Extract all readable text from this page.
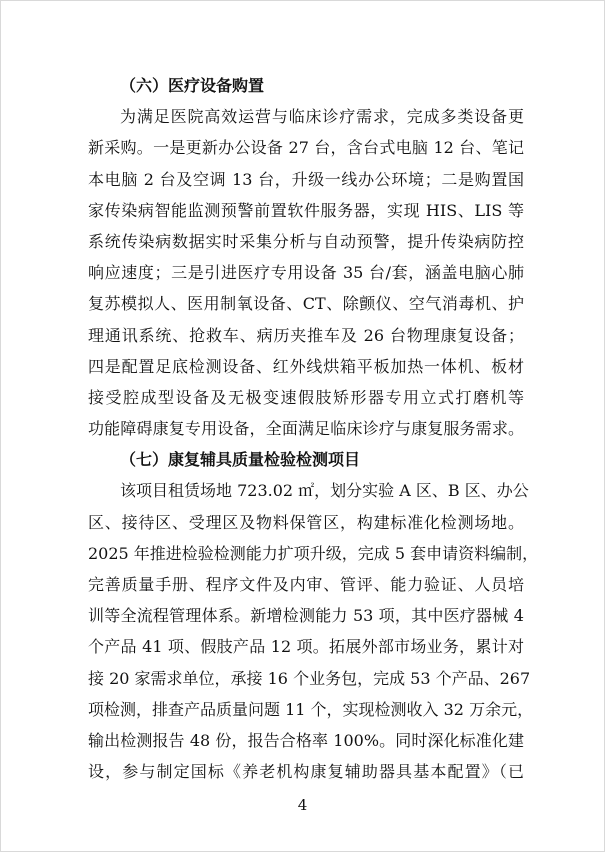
（六）医疗设备购置
为满足医院高效运营与临床诊疗需求，完成多类设备更
新采购。一是更新办公设备 27 台，含台式电脑 12 台、笔记
本电脑 2 台及空调 13 台，升级一线办公环境；二是购置国
家传染病智能监测预警前置软件服务器，实现 HIS、LIS 等
系统传染病数据实时采集分析与自动预警，提升传染病防控
响应速度；三是引进医疗专用设备 35 台/套，涵盖电脑心肺
复苏模拟人、医用制氧设备、CT、除颤仪、空气消毒机、护
理通讯系统、抢救车、病历夹推车及 26 台物理康复设备；
四是配置足底检测设备、红外线烘箱平板加热一体机、板材
接受腔成型设备及无极变速假肢矫形器专用立式打磨机等
功能障碍康复专用设备，全面满足临床诊疗与康复服务需求。
（七）康复辅具质量检验检测项目
该项目租赁场地 723.02 ㎡，划分实验 A 区、B 区、办公
区、接待区、受理区及物料保管区，构建标准化检测场地。
2025 年推进检验检测能力扩项升级，完成 5 套申请资料编制，
完善质量手册、程序文件及内审、管评、能力验证、人员培
训等全流程管理体系。新增检测能力 53 项，其中医疗器械 4
个产品 41 项、假肢产品 12 项。拓展外部市场业务，累计对
接 20 家需求单位，承接 16 个业务包，完成 53 个产品、267
项检测，排查产品质量问题 11 个，实现检测收入 32 万余元，
输出检测报告 48 份，报告合格率 100%。同时深化标准化建
设，参与制定国标《养老机构康复辅助器具基本配置》（已
4
